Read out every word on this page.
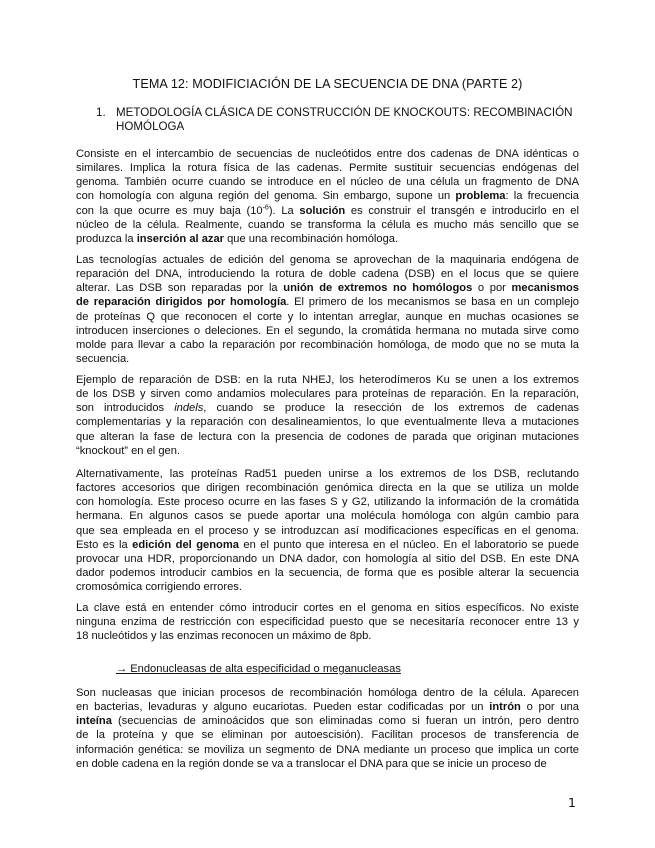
TEMA 12: MODIFICIACIÓN DE LA SECUENCIA DE DNA (PARTE 2)
1. METODOLOGÍA CLÁSICA DE CONSTRUCCIÓN DE KNOCKOUTS: RECOMBINACIÓN HOMÓLOGA

Consiste en el intercambio de secuencias de nucleótidos entre dos cadenas de DNA idénticas o
similares. Implica la rotura física de las cadenas. Permite sustituir secuencias endógenas del
genoma. También ocurre cuando se introduce en el núcleo de una célula un fragmento de DNA
con homología con alguna región del genoma. Sin embargo, supone un problema: la frecuencia
con la que ocurre es muy baja $(10^{-6})$. La solución es construir el transgén e introducirlo en el
núcleo de la célula. Realmente, cuando se transforma la célula es mucho más sencillo que se
produzca la inserción al azar que una recombinación homóloga.

Las tecnologías actuales de edición del genoma se aprovechan de la maquinaria endógena de
reparación del DNA, introduciendo la rotura de doble cadena (DSB) en el locus que se quiere
alterar. Las DSB son reparadas por la unión de extremos no homólogos o por mecanismos
de reparación dirigidos por homología. El primero de los mecanismos se basa en un complejo
de proteínas Q que reconocen el corte y lo intentan arreglar, aunque en muchas ocasiones se
introducen inserciones o deleciones. En el segundo, la cromátida hermana no mutada sirve como
molde para llevar a cabo la reparación por recombinación homóloga, de modo que no se muta la
secuencia.

Ejemplo de reparación de DSB: en la ruta NHEJ, los heterodímeros Ku se unen a los extremos
de los DSB y sirven como andamios moleculares para proteínas de reparación. En la reparación,
son introducidos indels, cuando se produce la resección de los extremos de cadenas
complementarias y la reparación con desalineamientos, lo que eventualmente lleva a mutaciones
que alteran la fase de lectura con la presencia de codones de parada que originan mutaciones
“knockout” en el gen.

Alternativamente, las proteínas Rad51 pueden unirse a los extremos de los DSB, reclutando
factores accesorios que dirigen recombinación genómica directa en la que se utiliza un molde
con homología. Este proceso ocurre en las fases S y G2, utilizando la información de la cromátida
hermana. En algunos casos se puede aportar una molécula homóloga con algún cambio para
que sea empleada en el proceso y se introduzcan así modificaciones específicas en el genoma.
Esto es la edición del genoma en el punto que interesa en el núcleo. En el laboratorio se puede
provocar una HDR, proporcionando un DNA dador, con homología al sitio del DSB. En este DNA
dador podemos introducir cambios en la secuencia, de forma que es posible alterar la secuencia
cromosómica corrigiendo errores.

La clave está en entender cómo introducir cortes en el genoma en sitios específicos. No existe
ninguna enzima de restricción con especificidad puesto que se necesitaría reconocer entre 13 y
18 nucleótidos y las enzimas reconocen un máximo de 8pb.

→ Endonucleasas de alta especificidad o meganucleasas

Son nucleasas que inician procesos de recombinación homóloga dentro de la célula. Aparecen
en bacterias, levaduras y alguno eucariotas. Pueden estar codificadas por un intrón o por una
inteína (secuencias de aminoácidos que son eliminadas como si fueran un intrón, pero dentro
de la proteína y que se eliminan por autoescisión). Facilitan procesos de transferencia de
información genética: se moviliza un segmento de DNA mediante un proceso que implica un corte
en doble cadena en la región donde se va a translocar el DNA para que se inicie un proceso de

1
